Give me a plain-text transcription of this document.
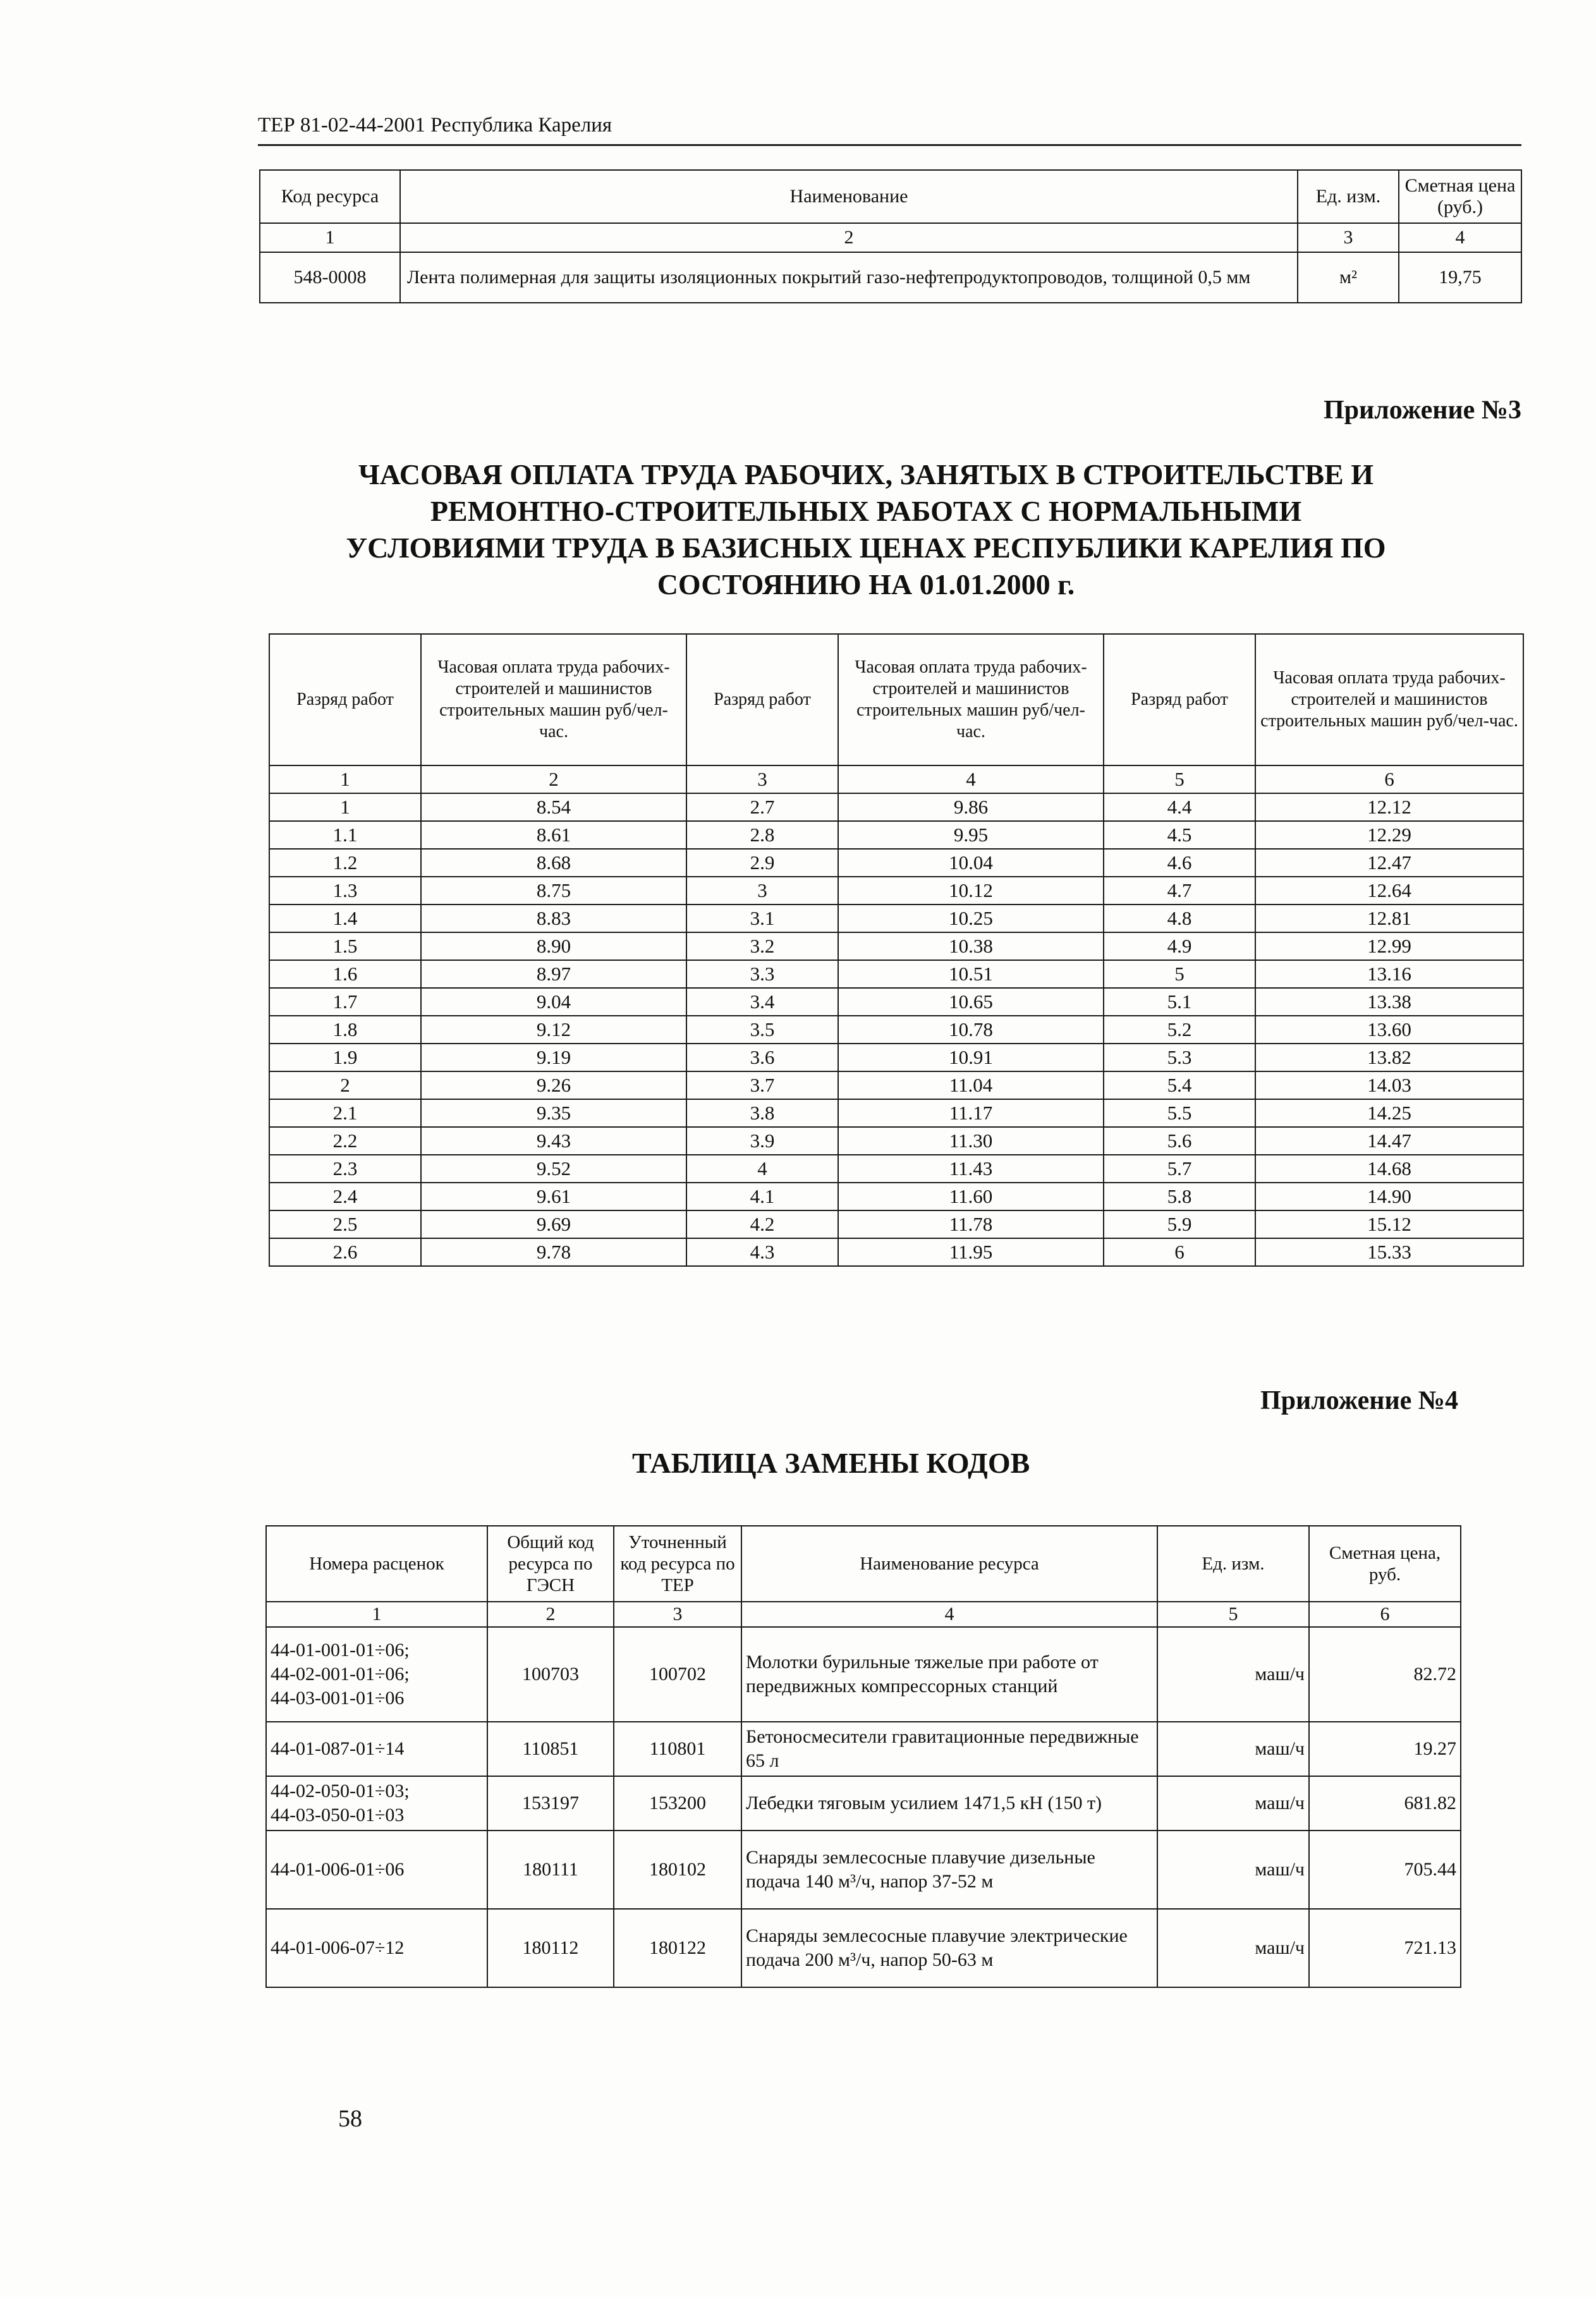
ТЕР 81-02-44-2001 Республика Карелия
Код ресурса	Наименование	Ед. изм.	Сметная цена (руб.)
1	2	3	4
548-0008	Лента полимерная для защиты изоляционных покрытий газо-нефтепродуктопроводов, толщиной 0,5 мм	м²	19,75
Приложение №3
ЧАСОВАЯ ОПЛАТА ТРУДА РАБОЧИХ, ЗАНЯТЫХ В СТРОИТЕЛЬСТВЕ И РЕМОНТНО-СТРОИТЕЛЬНЫХ РАБОТАХ С НОРМАЛЬНЫМИ УСЛОВИЯМИ ТРУДА В БАЗИСНЫХ ЦЕНАХ РЕСПУБЛИКИ КАРЕЛИЯ ПО СОСТОЯНИЮ НА 01.01.2000 г.
Разряд работ	Часовая оплата труда рабочих-строителей и машинистов строительных машин руб/чел-час.	Разряд работ	Часовая оплата труда рабочих-строителей и машинистов строительных машин руб/чел-час.	Разряд работ	Часовая оплата труда рабочих-строителей и машинистов строительных машин руб/чел-час.
1	2	3	4	5	6
1	8.54	2.7	9.86	4.4	12.12
1.1	8.61	2.8	9.95	4.5	12.29
1.2	8.68	2.9	10.04	4.6	12.47
1.3	8.75	3	10.12	4.7	12.64
1.4	8.83	3.1	10.25	4.8	12.81
1.5	8.90	3.2	10.38	4.9	12.99
1.6	8.97	3.3	10.51	5	13.16
1.7	9.04	3.4	10.65	5.1	13.38
1.8	9.12	3.5	10.78	5.2	13.60
1.9	9.19	3.6	10.91	5.3	13.82
2	9.26	3.7	11.04	5.4	14.03
2.1	9.35	3.8	11.17	5.5	14.25
2.2	9.43	3.9	11.30	5.6	14.47
2.3	9.52	4	11.43	5.7	14.68
2.4	9.61	4.1	11.60	5.8	14.90
2.5	9.69	4.2	11.78	5.9	15.12
2.6	9.78	4.3	11.95	6	15.33
Приложение №4
ТАБЛИЦА ЗАМЕНЫ КОДОВ
Номера расценок	Общий код ресурса по ГЭСН	Уточненный код ресурса по ТЕР	Наименование ресурса	Ед. изм.	Сметная цена, руб.
1	2	3	4	5	6

44-01-001-01÷06;
44-02-001-01÷06;
44-03-001-01÷06	100703	100702	Молотки бурильные тяжелые при работе от передвижных компрессорных станций	маш/ч	82.72

44-01-087-01÷14	110851	110801	Бетоносмесители гравитационные передвижные 65 л	маш/ч	19.27

44-02-050-01÷03;
44-03-050-01÷03	153197	153200	Лебедки тяговым усилием 1471,5 кН (150 т)	маш/ч	681.82

44-01-006-01÷06	180111	180102	Снаряды землесосные плавучие дизельные подача 140 м³/ч, напор 37-52 м	маш/ч	705.44

44-01-006-07÷12	180112	180122	Снаряды землесосные плавучие электрические подача 200 м³/ч, напор 50-63 м	маш/ч	721.13
58
